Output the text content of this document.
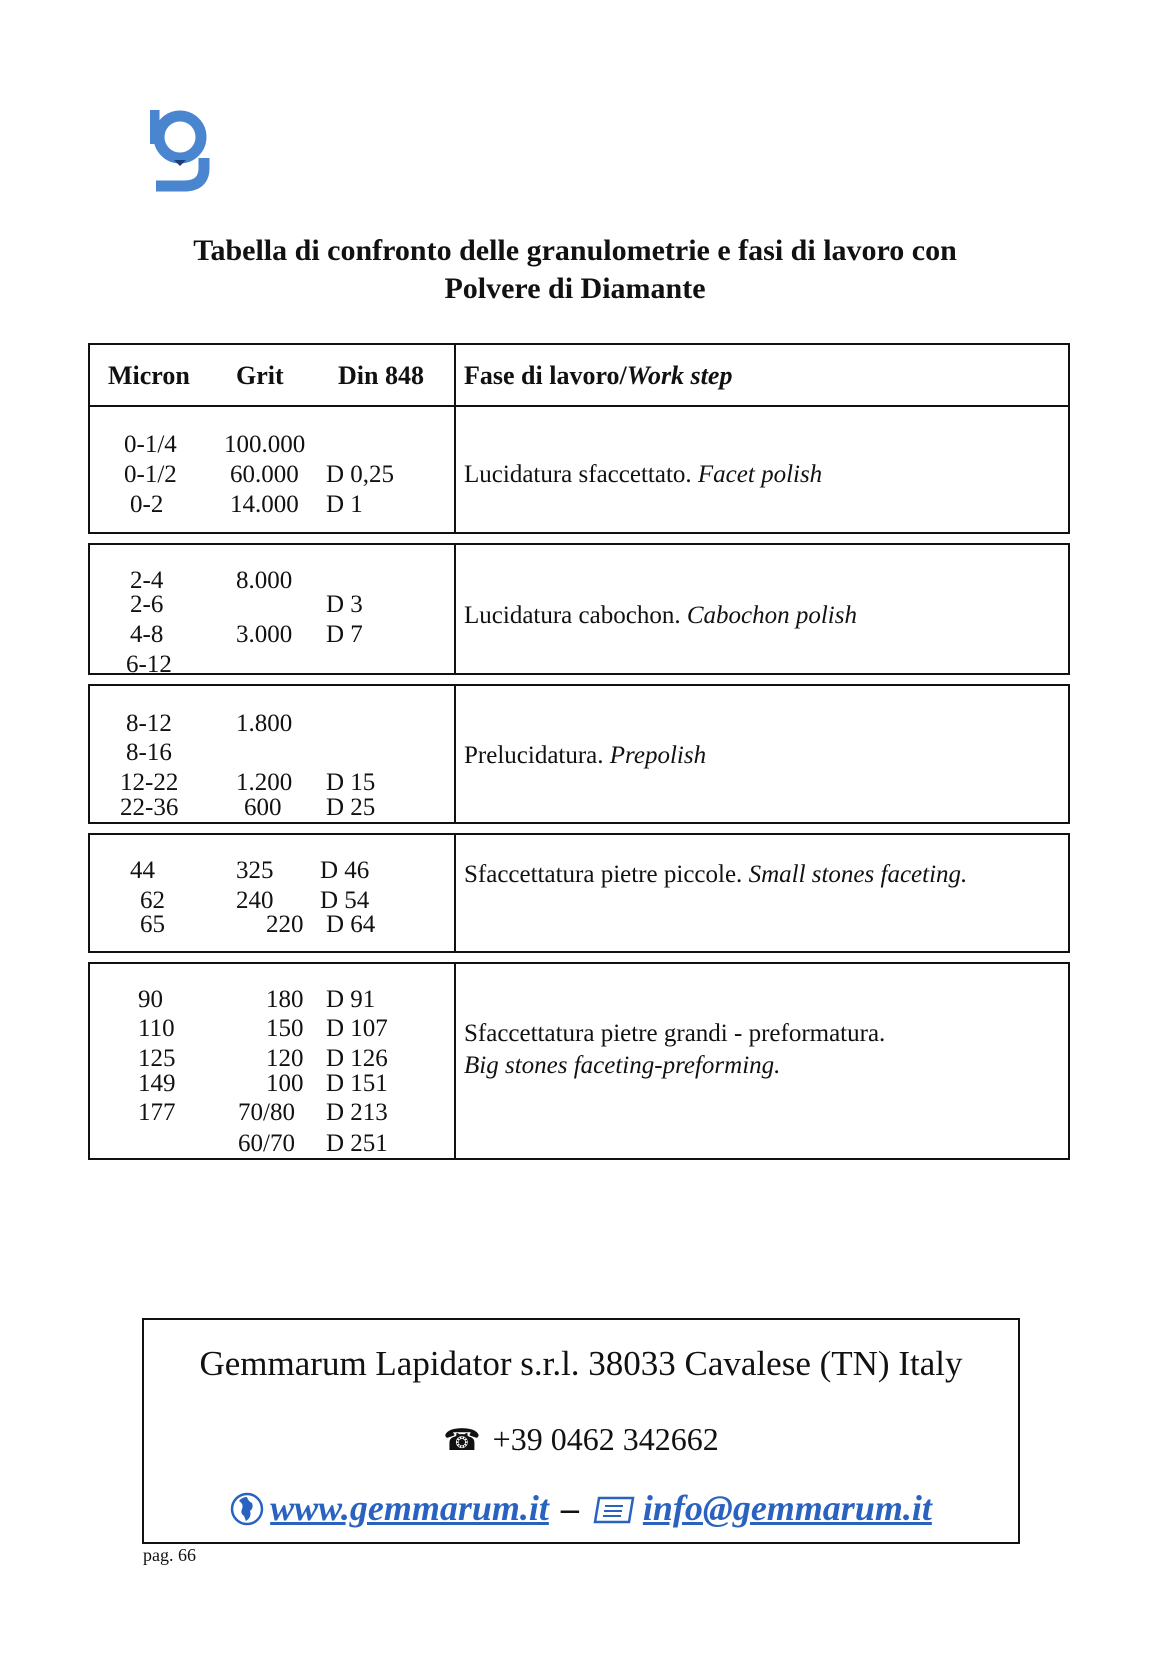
Tabella di confronto delle granulometrie e fasi di lavoro con
Polvere di Diamante
Micron Grit Din 848 Fase di lavoro/Work step
0-1/4
0-1/2
0-2
100.000
60.000
14.000
D 0,25
D 1
Lucidatura sfaccettato. Facet polish
2-4
2-6
4-8
6-12
8.000
3.000
D 3
D 7
Lucidatura cabochon. Cabochon polish
8-12
8-16
12-22
22-36
1.800
1.200
600
D 15
D 25
Prelucidatura. Prepolish
44
62
65
325
240
220
D 46
D 54
D 64
Sfaccettatura pietre piccole. Small stones faceting.
90
110
125
149
177
180
150
120
100
70/80
60/70
D 91
D 107
D 126
D 151
D 213
D 251
Sfaccettatura pietre grandi - preformatura.
Big stones faceting-preforming.
Gemmarum Lapidator s.r.l. 38033 Cavalese (TN) Italy
☎ +39 0462 342662
www.gemmarum.it – info@gemmarum.it
pag. 66
